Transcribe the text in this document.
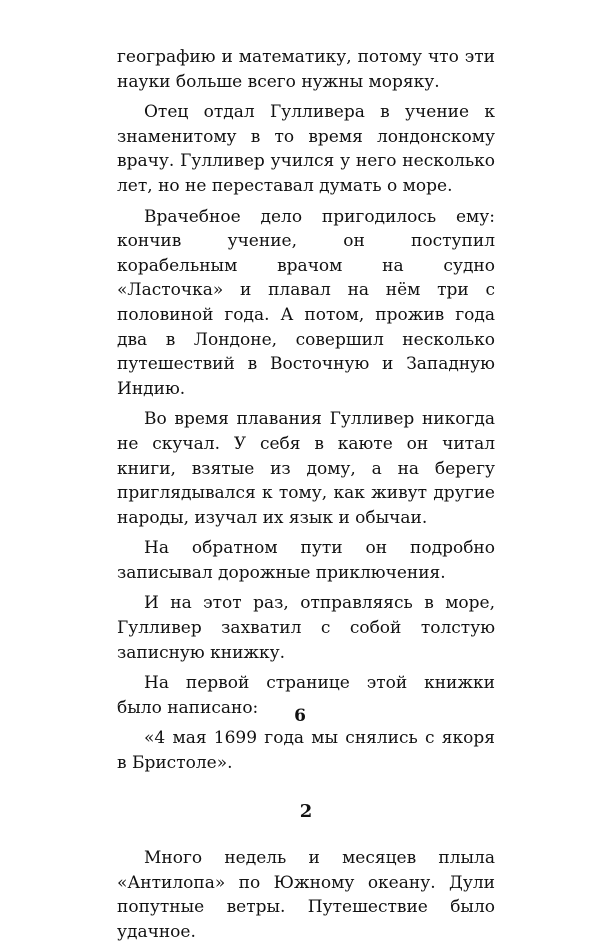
географию и математику, потому что эти науки больше всего нужны моряку.

Отец отдал Гулливера в учение к знаменитому в то время лондонскому врачу. Гулливер учился у него несколько лет, но не переставал думать о море.

Врачебное дело пригодилось ему: кончив учение, он поступил корабельным врачом на судно «Ласточка» и плавал на нём три с половиной года. А потом, прожив года два в Лондоне, совершил несколько путешествий в Восточную и Западную Индию.

Во время плавания Гулливер никогда не скучал. У себя в каюте он читал книги, взятые из дому, а на берегу приглядывался к тому, как живут другие народы, изучал их язык и обычаи.

На обратном пути он подробно записывал дорожные приключения.

И на этот раз, отправляясь в море, Гулливер захватил с собой толстую записную книжку.

На первой странице этой книжки было написано:

«4 мая 1699 года мы снялись с якоря в Бристоле».

2

Много недель и месяцев плыла «Антилопа» по Южному океану. Дули попутные ветры. Путешествие было удачное.

6
